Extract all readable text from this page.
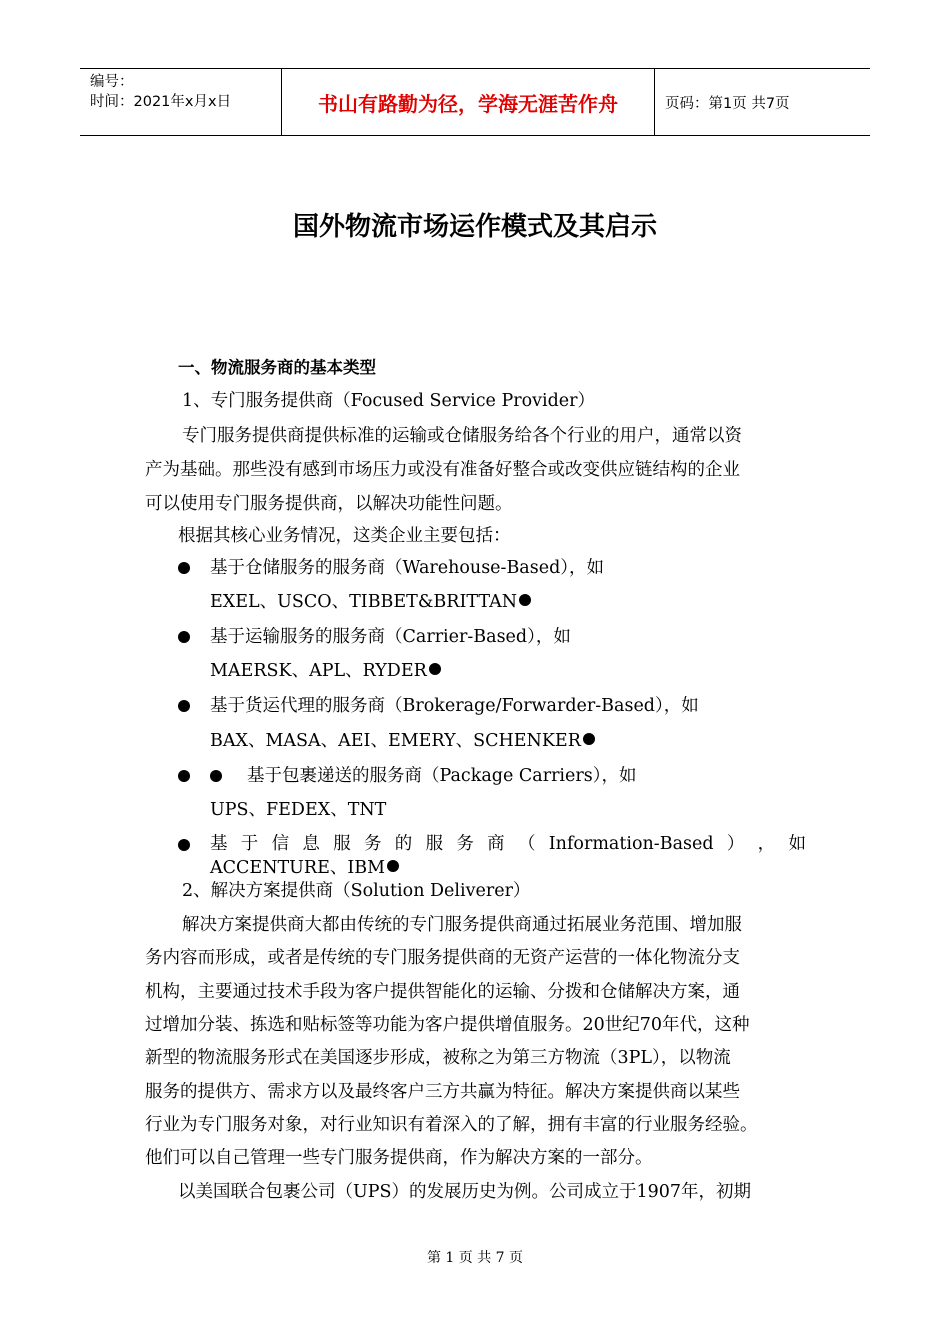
编号：
时间：2021年x月x日	书山有路勤为径，学海无涯苦作舟	页码：第1页 共7页
国外物流市场运作模式及其启示
一、物流服务商的基本类型
1、专门服务提供商（Focused Service Provider）
专门服务提供商提供标准的运输或仓储服务给各个行业的用户，通常以资
产为基础。那些没有感到市场压力或没有准备好整合或改变供应链结构的企业
可以使用专门服务提供商，以解决功能性问题。
根据其核心业务情况，这类企业主要包括：
基于仓储服务的服务商（Warehouse-Based），如
EXEL、USCO、TIBBET&BRITTAN
基于运输服务的服务商（Carrier-Based），如
MAERSK、APL、RYDER
基于货运代理的服务商（Brokerage/Forwarder-Based），如
BAX、MASA、AEI、EMERY、SCHENKER
基于包裹递送的服务商（Package Carriers），如
UPS、FEDEX、TNT
基 于 信 息 服 务 的 服 务 商 （ Information-Based ） ， 如
ACCENTURE、IBM
2、解决方案提供商（Solution Deliverer）
解决方案提供商大都由传统的专门服务提供商通过拓展业务范围、增加服
务内容而形成，或者是传统的专门服务提供商的无资产运营的一体化物流分支
机构，主要通过技术手段为客户提供智能化的运输、分拨和仓储解决方案，通
过增加分装、拣选和贴标签等功能为客户提供增值服务。20世纪70年代，这种
新型的物流服务形式在美国逐步形成，被称之为第三方物流（3PL），以物流
服务的提供方、需求方以及最终客户三方共赢为特征。解决方案提供商以某些
行业为专门服务对象，对行业知识有着深入的了解，拥有丰富的行业服务经验。
他们可以自己管理一些专门服务提供商，作为解决方案的一部分。
以美国联合包裹公司（UPS）的发展历史为例。公司成立于1907年，初期
第 1 页 共 7 页
